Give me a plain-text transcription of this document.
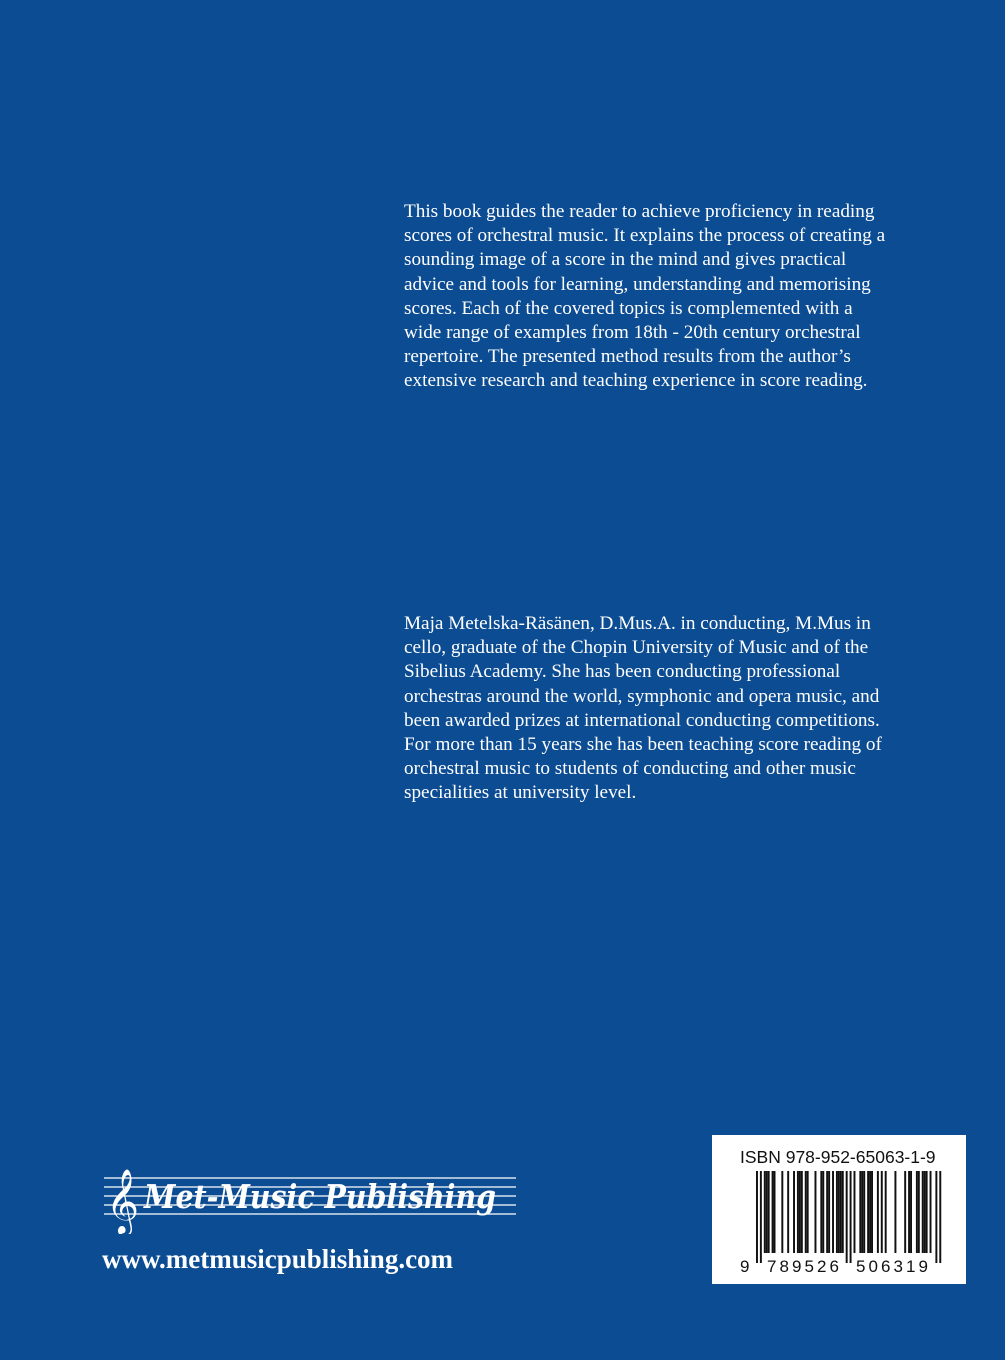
This book guides the reader to achieve proficiency in reading
scores of orchestral music. It explains the process of creating a
sounding image of a score in the mind and gives practical
advice and tools for learning, understanding and memorising
scores. Each of the covered topics is complemented with a
wide range of examples from 18th - 20th century orchestral
repertoire. The presented method results from the author’s
extensive research and teaching experience in score reading.
Maja Metelska-Räsänen, D.Mus.A. in conducting, M.Mus in
cello, graduate of the Chopin University of Music and of the
Sibelius Academy. She has been conducting professional
orchestras around the world, symphonic and opera music, and
been awarded prizes at international conducting competitions.
For more than 15 years she has been teaching score reading of
orchestral music to students of conducting and other music
specialities at university level.
𝄞 Met-Music Publishing
www.metmusicpublishing.com
ISBN 978-952-65063-1-9
9 789526 506319
